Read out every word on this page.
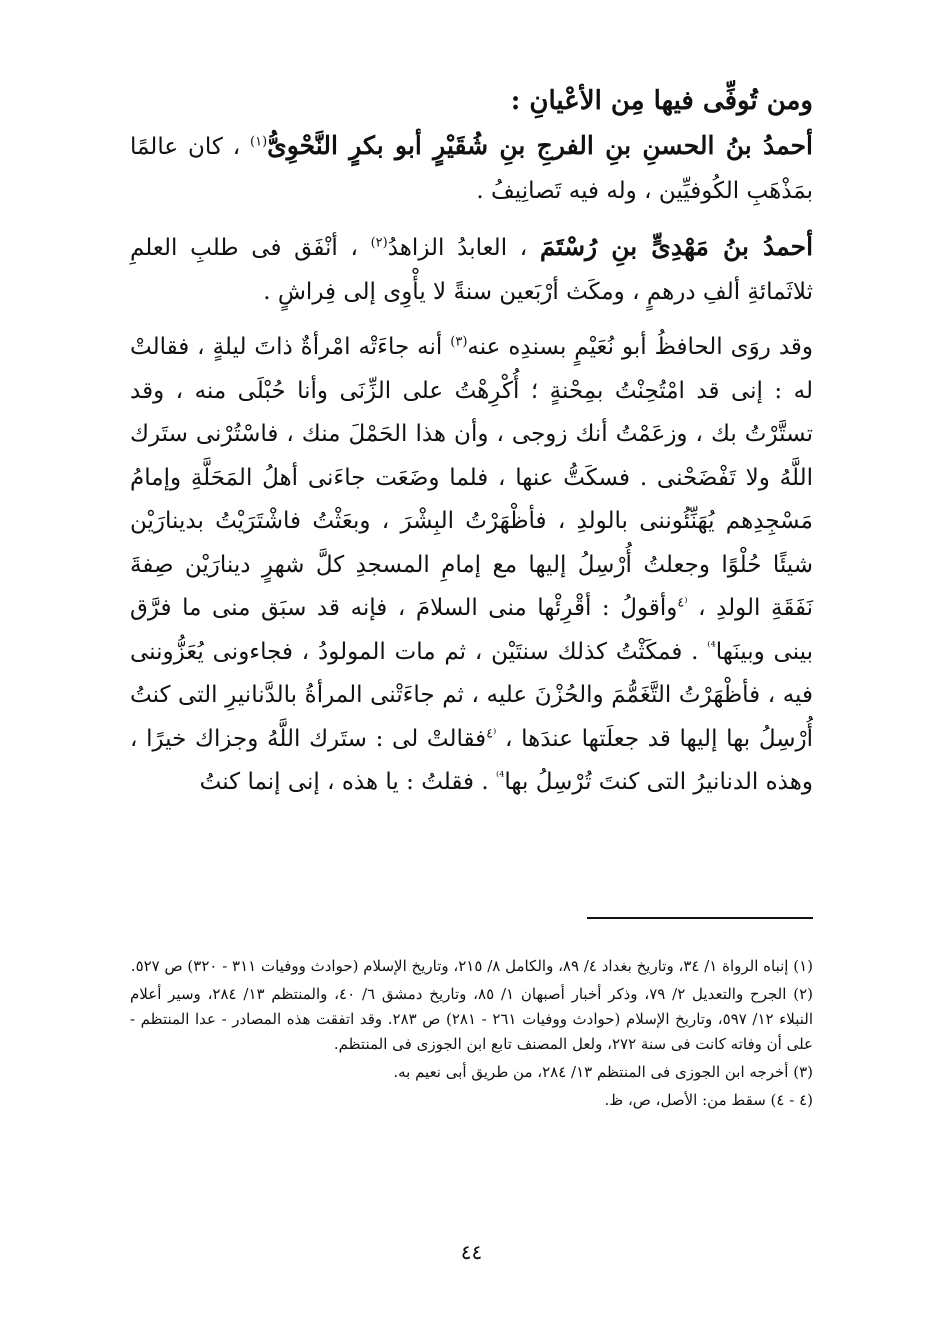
ومن تُوفِّى فيها مِن الأعْيانِ :

أحمدُ بنُ الحسنِ بنِ الفرجِ بنِ شُقَيْرٍ أبو بكرٍ النَّحْوِىُّ$^{(١)}$ ، كان عالمًا بمَذْهَبِ الكُوفيِّين ، وله فيه تَصانِيفُ .

أحمدُ بنُ مَهْدِىٍّ بنِ رُسْتَمَ ، العابدُ الزاهدُ$^{(٢)}$ ، أنْفَق فى طلبِ العلمِ ثلاثَمائةِ ألفِ درهمٍ ، ومكَث أرْبَعين سنةً لا يأْوِى إلى فِراشٍ .

وقد روَى الحافظُ أبو نُعَيْمٍ بسندِه عنه$^{(٣)}$ أنه جاءَتْه امْرأةٌ ذاتَ ليلةٍ ، فقالتْ له : إنى قد امْتُحِنْتُ بمِحْنةٍ ؛ أُكْرِهْتُ على الزِّنَى وأنا حُبْلَى منه ، وقد تستَّرْتُ بك ، وزعَمْتُ أنك زوجى ، وأن هذا الحَمْلَ منك ، فاسْتُرْنى ستَرك اللَّهُ ولا تَفْضَحْنى . فسكَتُّ عنها ، فلما وضَعَت جاءَنى أهلُ المَحَلَّةِ وإمامُ مَسْجِدِهم يُهَنِّئُوننى بالولدِ ، فأظْهَرْتُ البِشْرَ ، وبعَثْتُ فاشْتَرَيْتُ بدينارَيْن شيئًا حُلْوًا وجعلتُ أُرْسِلُ إليها مع إمامِ المسجدِ كلَّ شهرٍ دينارَيْن صِفةَ نَفَقَةِ الولدِ ، $^{^(٤}$وأقولُ : أقْرِئْها منى السلامَ ، فإنه قد سبَق منى ما فرَّق بينى وبينَها$^{^{4)}}$ . فمكَثْتُ كذلك سنتَيْن ، ثم مات المولودُ ، فجاءونى يُعَزُّوننى فيه ، فأظْهَرْتُ التَّغَمُّمَ والحُزْنَ عليه ، ثم جاءَتْنى المرأةُ بالدَّنانيرِ التى كنتُ أُرْسِلُ بها إليها قد جعلَتها عندَها ، $^{^(٤}$فقالتْ لى : ستَرك اللَّهُ وجزاك خيرًا ، وهذه الدنانيرُ التى كنتَ تُرْسِلُ بها$^{^{4)}}$ . فقلتُ : يا هذه ، إنى إنما كنتُ

(١) إنباه الرواة ١/ ٣٤، وتاريخ بغداد ٤/ ٨٩، والكامل ٨/ ٢١٥، وتاريخ الإسلام (حوادث ووفيات ٣١١ - ٣٢٠) ص ٥٢٧.

(٢) الجرح والتعديل ٢/ ٧٩، وذكر أخبار أصبهان ١/ ٨٥، وتاريخ دمشق ٦/ ٤٠، والمنتظم ١٣/ ٢٨٤، وسير أعلام النبلاء ١٢/ ٥٩٧، وتاريخ الإسلام (حوادث ووفيات ٢٦١ - ٢٨١) ص ٢٨٣. وقد اتفقت هذه المصادر - عدا المنتظم - على أن وفاته كانت فى سنة ٢٧٢، ولعل المصنف تابع ابن الجوزى فى المنتظم.

(٣) أخرجه ابن الجوزى فى المنتظم ١٣/ ٢٨٤، من طريق أبى نعيم به.

(٤ - ٤) سقط من: الأصل، ص، ظ.

٤٤
